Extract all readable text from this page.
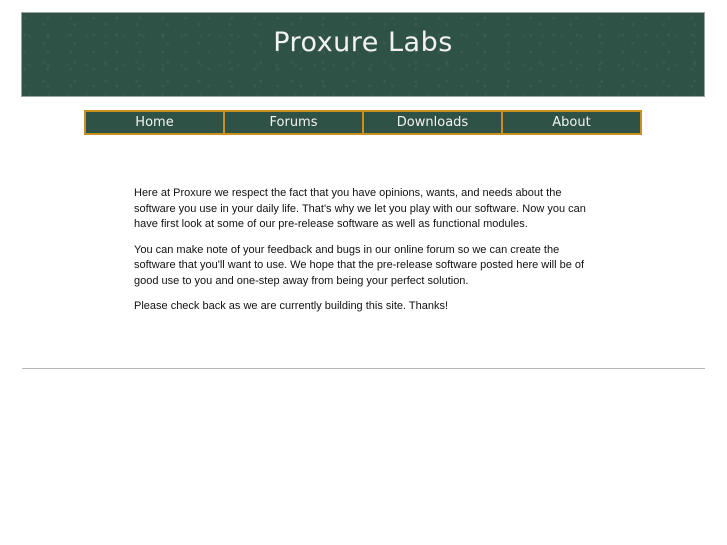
Proxure Labs
Home	Forums	Downloads	About

Here at Proxure we respect the fact that you have opinions, wants, and needs about the software you use in your daily life. That's why we let you play with our software. Now you can have first look at some of our pre-release software as well as functional modules.

You can make note of your feedback and bugs in our online forum so we can create the software that you'll want to use. We hope that the pre-release software posted here will be of good use to you and one-step away from being your perfect solution.

Please check back as we are currently building this site. Thanks!
